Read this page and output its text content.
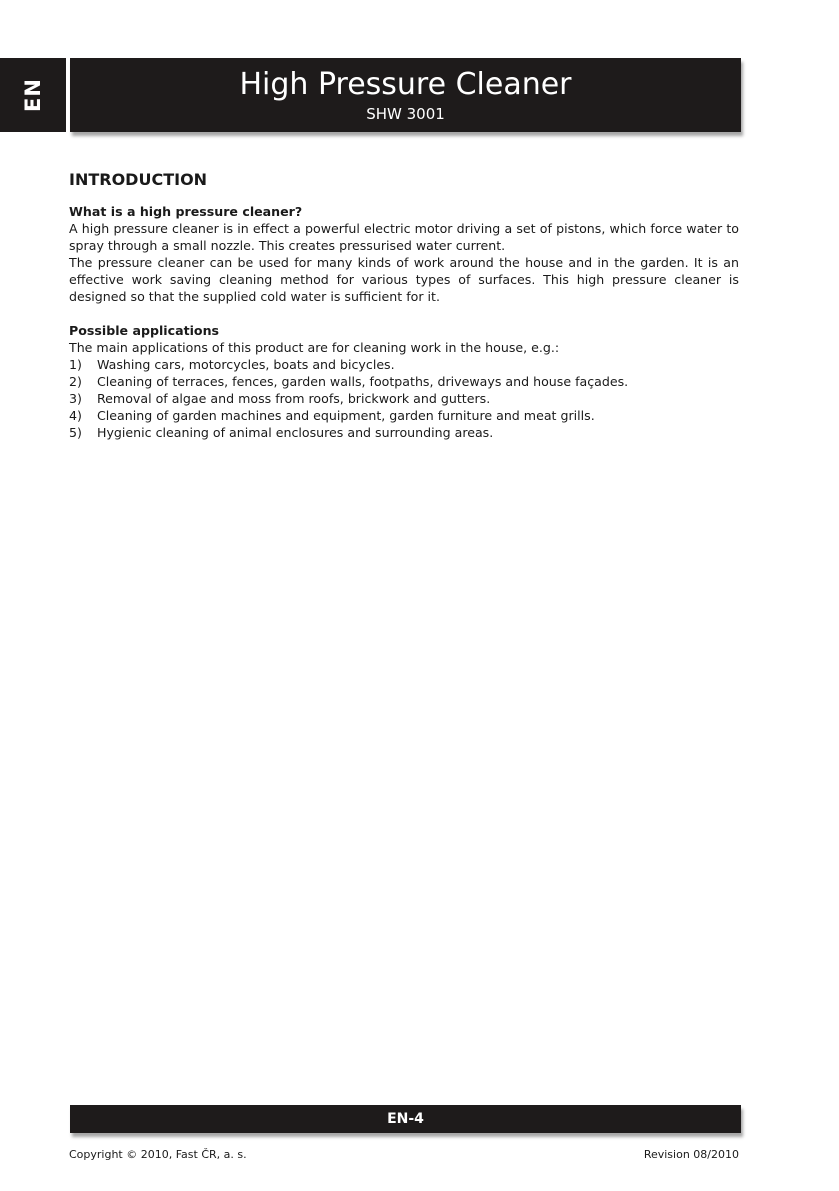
EN	High Pressure Cleaner
SHW 3001
INTRODUCTION

What is a high pressure cleaner?

A high pressure cleaner is in effect a powerful electric motor driving a set of pistons, which force water to spray through a small nozzle. This creates pressurised water current.

The pressure cleaner can be used for many kinds of work around the house and in the garden. It is an effective work saving cleaning method for various types of surfaces. This high pressure cleaner is designed so that the supplied cold water is sufficient for it.

Possible applications

The main applications of this product are for cleaning work in the house, e.g.:

1)	Washing cars, motorcycles, boats and bicycles.
2)	Cleaning of terraces, fences, garden walls, footpaths, driveways and house façades.
3)	Removal of algae and moss from roofs, brickwork and gutters.
4)	Cleaning of garden machines and equipment, garden furniture and meat grills.
5)	Hygienic cleaning of animal enclosures and surrounding areas.
EN-4
Copyright © 2010, Fast ČR, a. s.	Revision 08/2010
